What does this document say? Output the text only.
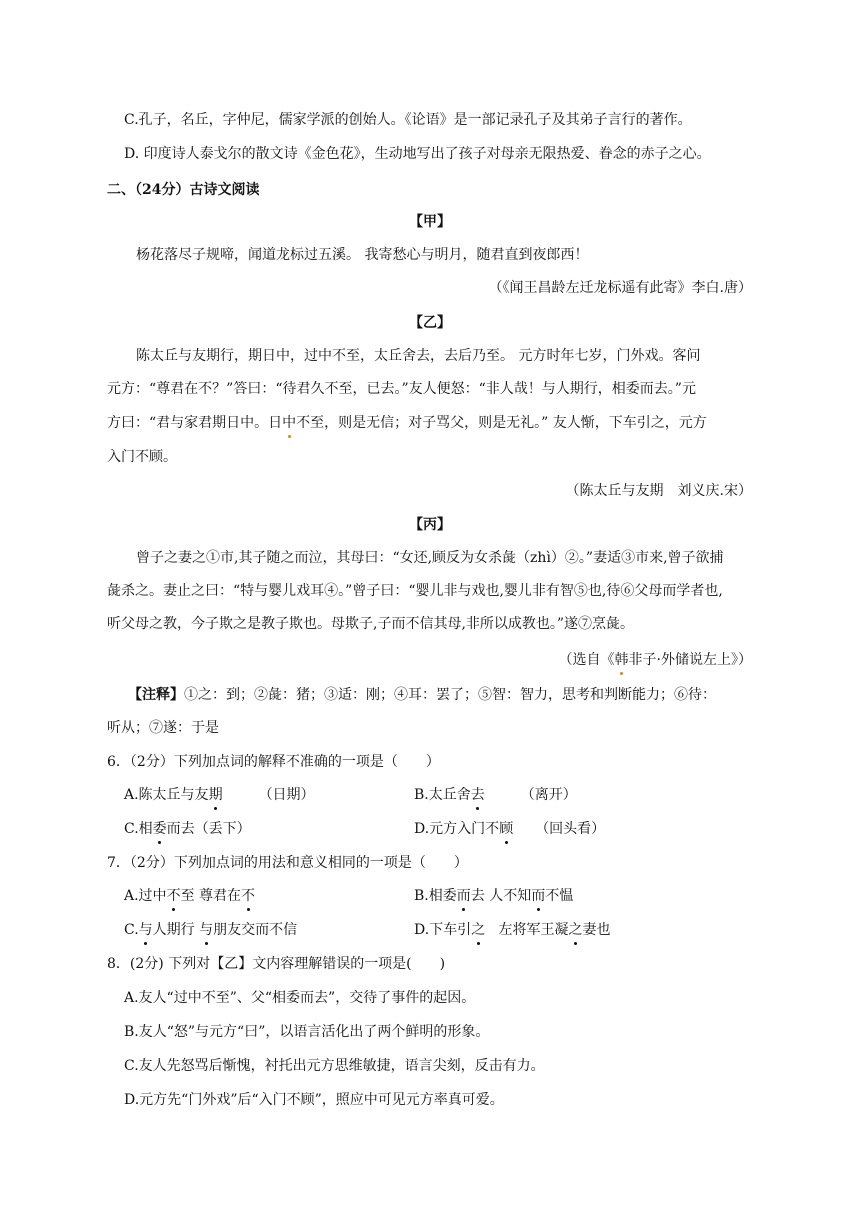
C.孔子，名丘，字仲尼，儒家学派的创始人。《论语》是一部记录孔子及其弟子言行的著作。
D. 印度诗人泰戈尔的散文诗《金色花》，生动地写出了孩子对母亲无限热爱、眷念的赤子之心。
二、（24分）古诗文阅读
【甲】
杨花落尽子规啼，闻道龙标过五溪。 我寄愁心与明月，随君直到夜郎西！
（《闻王昌龄左迁龙标遥有此寄》李白.唐）
【乙】
陈太丘与友期行，期日中，过中不至，太丘舍去，去后乃至。 元方时年七岁，门外戏。客问
元方：“尊君在不？”答曰：“待君久不至，已去。”友人便怒：“非人哉！与人期行，相委而去。”元
方曰：“君与家君期日中。日中不至，则是无信；对子骂父，则是无礼。” 友人惭，下车引之，元方
入门不顾。
（陈太丘与友期　刘义庆.宋）
【丙】
曾子之妻之①市,其子随之而泣，其母曰：“女还,顾反为女杀彘（zhì）②。”妻适③市来,曾子欲捕
彘杀之。妻止之曰：“特与婴儿戏耳④。”曾子曰：“婴儿非与戏也,婴儿非有智⑤也,待⑥父母而学者也,
听父母之教，今子欺之是教子欺也。母欺子,子而不信其母,非所以成教也。”遂⑦烹彘。
（选自《韩非子·外储说左上》）
【注释】①之：到；②彘：猪；③适：刚；④耳：罢了；⑤智：智力，思考和判断能力；⑥待：
听从；⑦遂：于是
6．（2分）下列加点词的解释不准确的一项是（　　）
A.陈太丘与友期	（日期）	B.太丘舍去	（离开）
C.相委而去（丢下）	D.元方入门不顾 （回头看）
7．（2分）下列加点词的用法和意义相同的一项是（　　）
A.过中不至 尊君在不	B.相委而去 人不知而不愠
C.与人期行 与朋友交而不信	D.下车引之   左将军王凝之妻也
8．(2分) 下列对【乙】文内容理解错误的一项是(　　)
A.友人“过中不至”、父“相委而去”，交待了事件的起因。
B.友人“怒”与元方“曰”，以语言活化出了两个鲜明的形象。
C.友人先怒骂后惭愧，衬托出元方思维敏捷，语言尖刻，反击有力。
D.元方先“门外戏”后“入门不顾”，照应中可见元方率真可爱。
